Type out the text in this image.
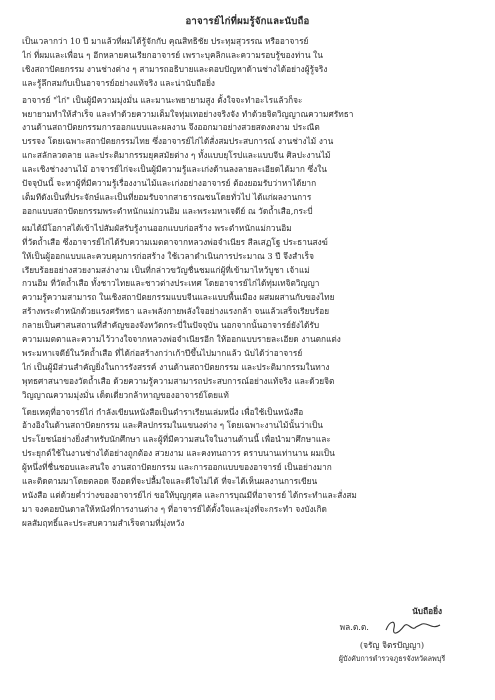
อาจารย์ไก่ที่ผมรู้จักและนับถือ
เป็นเวลากว่า 10 ปี มาแล้วที่ผมได้รู้จักกับ คุณสิทธิชัย ประทุมสุวรรณ หรืออาจารย์
ไก่ ที่ผมและเพื่อน ๆ อีกหลายคนเรียกอาจารย์ เพราะบุคลิกและความรอบรู้ของท่าน ใน
เชิงสถาปัตยกรรม งานช่างต่าง ๆ สามารถอธิบายและตอบปัญหาด้านช่างได้อย่างผู้รู้จริง
และรู้ลึกสมกับเป็นอาจารย์อย่างแท้จริง และน่านับถือยิ่ง
อาจารย์ "ไก่" เป็นผู้มีความมุ่งมั่น และมานะพยายามสูง ตั้งใจจะทำอะไรแล้วก็จะ
พยายามทำให้สำเร็จ และทำด้วยความเต็มใจทุ่มเทอย่างจริงจัง ทำด้วยจิตวิญญาณความศรัทธา
งานด้านสถาปัตยกรรมการออกแบบและผลงาน จึงออกมาอย่างสวยสดงดงาม ประณีต
บรรจง โดยเฉพาะสถาปัตยกรรมไทย ซึ่งอาจารย์ไก่ได้สั่งสมประสบการณ์ งานช่างไม้ งาน
แกะสลักลวดลาย และประติมากรรมยุคสมัยต่าง ๆ ทั้งแบบยุโรปและแบบจีน ศิลปะงานไม้
และเชิงช่างงานไม้ อาจารย์ไก่จะเป็นผู้มีความรู้และเก่งด้านลงลายละเอียดได้มาก ซึ่งใน
ปัจจุบันนี้ จะหาผู้ที่มีความรู้เรื่องงานไม้และเก่งอย่างอาจารย์ ต้องยอมรับว่าหาได้ยาก
เต็มทีดังเป็นที่ประจักษ์และเป็นที่ยอมรับจากสาธารณชนโดยทั่วไป ได้แก่ผลงานการ
ออกแบบสถาปัตยกรรมพระตำหนักแม่กวนอิม และพระมหาเจดีย์ ณ วัดถ้ำเสือ,กระบี่
ผมได้มีโอกาสได้เข้าไปสัมผัสรับรู้งานออกแบบก่อสร้าง พระตำหนักแม่กวนอิม
ที่วัดถ้ำเสือ ซึ่งอาจารย์ไก่ได้รับความเมตตาจากหลวงพ่อจำเนียร สีลเสฏโฐ ประธานสงฆ์
ให้เป็นผู้ออกแบบและควบคุมการก่อสร้าง ใช้เวลาดำเนินการประมาณ 3 ปี จึงสำเร็จ
เรียบร้อยอย่างสวยงามสง่างาม เป็นที่กล่าวขวัญชื่นชมแก่ผู้ที่เข้ามาไหว้บูชา เจ้าแม่
กวนอิม ที่วัดถ้ำเสือ ทั้งชาวไทยและชาวต่างประเทศ โดยอาจารย์ไก่ได้ทุ่มเทจิตวิญญา
ความรู้ความสามารถ ในเชิงสถาปัตยกรรมแบบจีนและแบบพื้นเมือง ผสมผสานกับของไทย
สร้างพระตำหนักด้วยแรงศรัทธา และพลังกายพลังใจอย่างแรงกล้า จนแล้วเสร็จเรียบร้อย
กลายเป็นศาสนสถานที่สำคัญของจังหวัดกระบี่ในปัจจุบัน นอกจากนั้นอาจารย์ยังได้รับ
ความเมตตาและความไว้วางใจจากหลวงพ่อจำเนียรอีก ให้ออกแบบรายละเอียด งานตกแต่ง
พระมหาเจดีย์ในวัดถ้ำเสือ ที่ได้ก่อสร้างกว่าเก้าปีขึ้นไปมากแล้ว นับได้ว่าอาจารย์
ไก่ เป็นผู้มีส่วนสำคัญยิ่งในการรังสรรค์ งานด้านสถาปัตยกรรม และประติมากรรมในทาง
พุทธศาสนาของวัดถ้ำเสือ ด้วยความรู้ความสามารถประสบการณ์อย่างแท้จริง และด้วยจิต
วิญญาณความมุ่งมั่น เด็ดเดี่ยวกล้าหาญของอาจารย์โดยแท้
โดยเหตุที่อาจารย์ไก่ กำลังเขียนหนังสือเป็นตำราเรียนเล่มหนึ่ง เพื่อใช้เป็นหนังสือ
อ้างอิงในด้านสถาปัตยกรรม และศิลปกรรมในแขนงต่าง ๆ โดยเฉพาะงานไม้นั้นว่าเป็น
ประโยชน์อย่างยิ่งสำหรับนักศึกษา และผู้ที่มีความสนใจในงานด้านนี้ เพื่อนำมาศึกษาและ
ประยุกต์ใช้ในงานช่างได้อย่างถูกต้อง สวยงาม และคงทนถาวร ตราบนานเท่านาน ผมเป็น
ผู้หนึ่งที่ชื่นชอบและสนใจ งานสถาปัตยกรรม และการออกแบบของอาจารย์ เป็นอย่างมาก
และติดตามมาโดยตลอด จึงอดที่จะปลื้มใจและดีใจไม่ได้ ที่จะได้เห็นผลงานการเขียน
หนังสือ แต่ด้วยค่ำว่างของอาจารย์ไก่ ขอให้บุญกุศล และการบุณมีที่อาจารย์ ได้กระทำและสั่งสม
มา จงคอยบันดาลให้หนังที่การงานต่าง ๆ ที่อาจารย์ได้ตั้งใจและมุ่งที่จะกระทำ จงบังเกิด
ผลสัมฤทธิ์และประสบความสำเร็จตามที่มุ่งหวัง
นับถือยิ่ง
พล.ต.ต.
(จรัญ จิตรปัญญา)
ผู้บังคับการตำรวจภูธรจังหวัดลพบุรี
